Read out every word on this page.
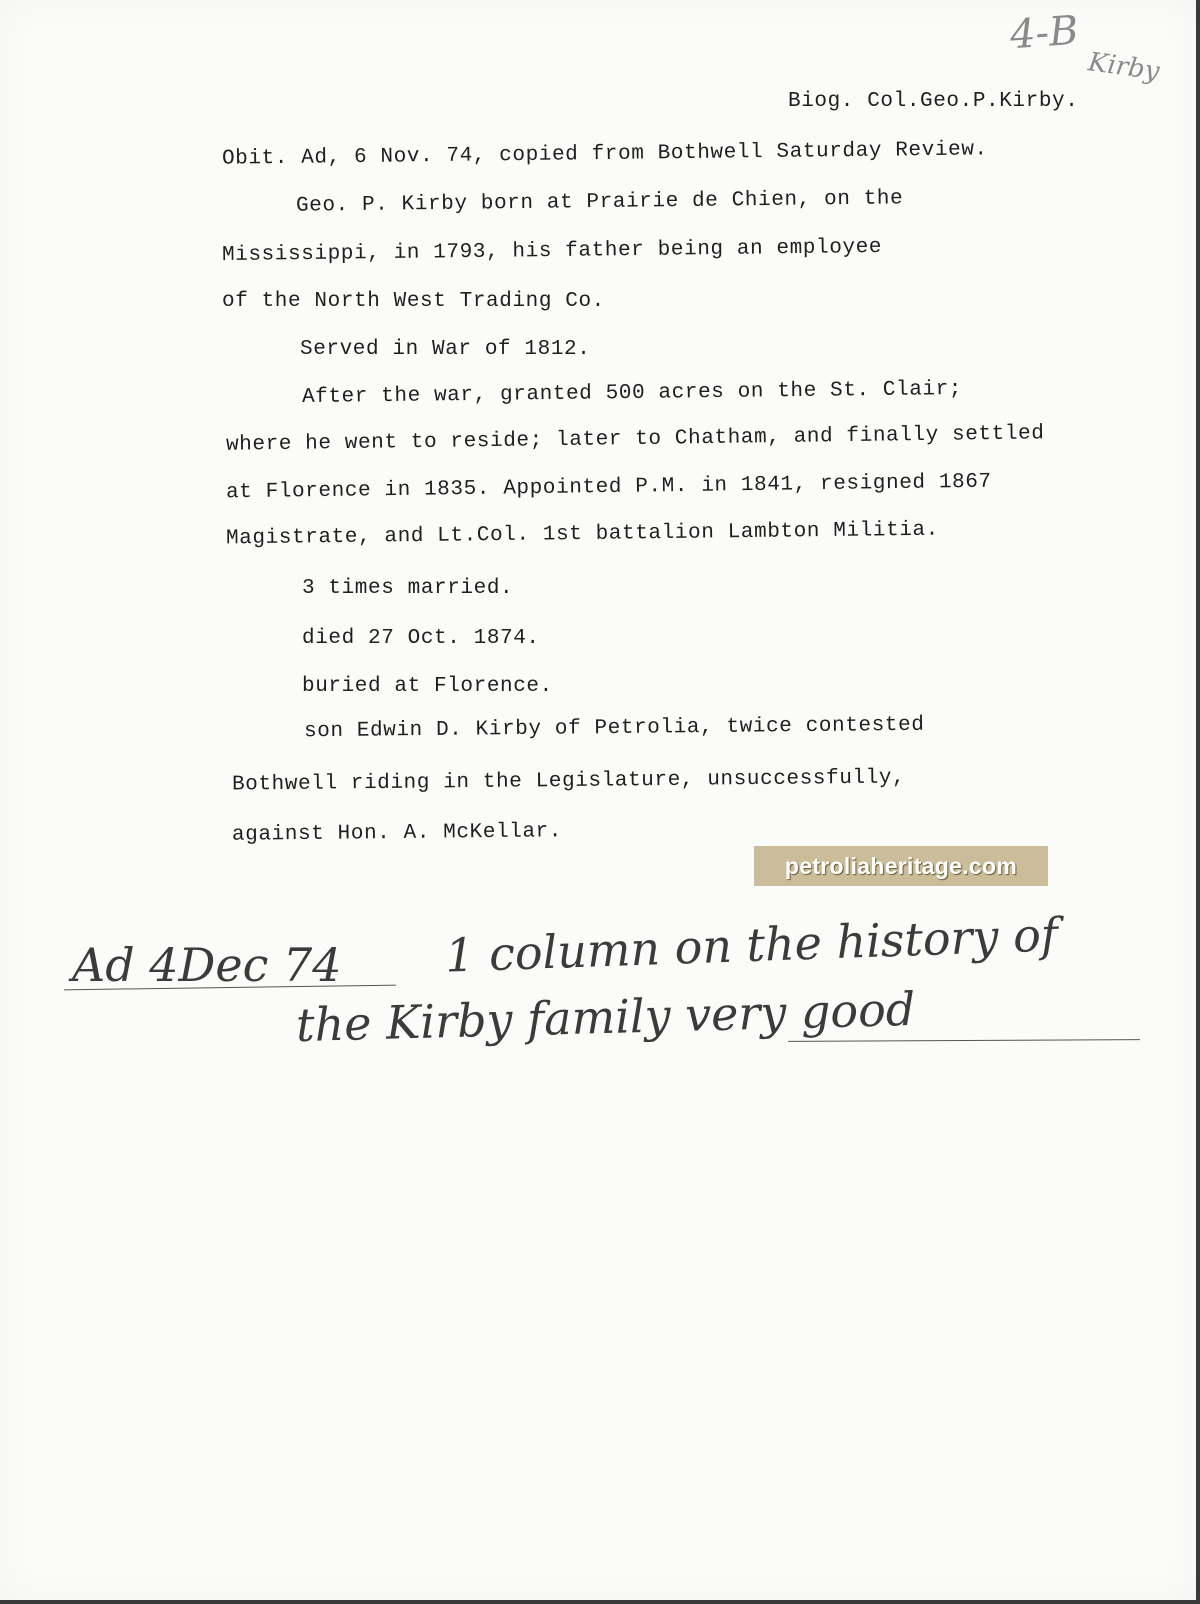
4-B
Kirby
Biog. Col.Geo.P.Kirby.
Obit. Ad, 6 Nov. 74, copied from Bothwell Saturday Review.
Geo. P. Kirby born at Prairie de Chien, on the
Mississippi, in 1793, his father being an employee
of the North West Trading Co.
Served in War of 1812.
After the war, granted 500 acres on the St. Clair;
where he went to reside; later to Chatham, and finally settled
at Florence in 1835. Appointed P.M. in 1841, resigned 1867
Magistrate, and Lt.Col. 1st battalion Lambton Militia.
3 times married.
died 27 Oct. 1874.
buried at Florence.
son Edwin D. Kirby of Petrolia, twice contested
Bothwell riding in the Legislature, unsuccessfully,
against Hon. A. McKellar.
petroliaheritage.com
Ad 4Dec 74 1 column on the history of
the Kirby family very good
